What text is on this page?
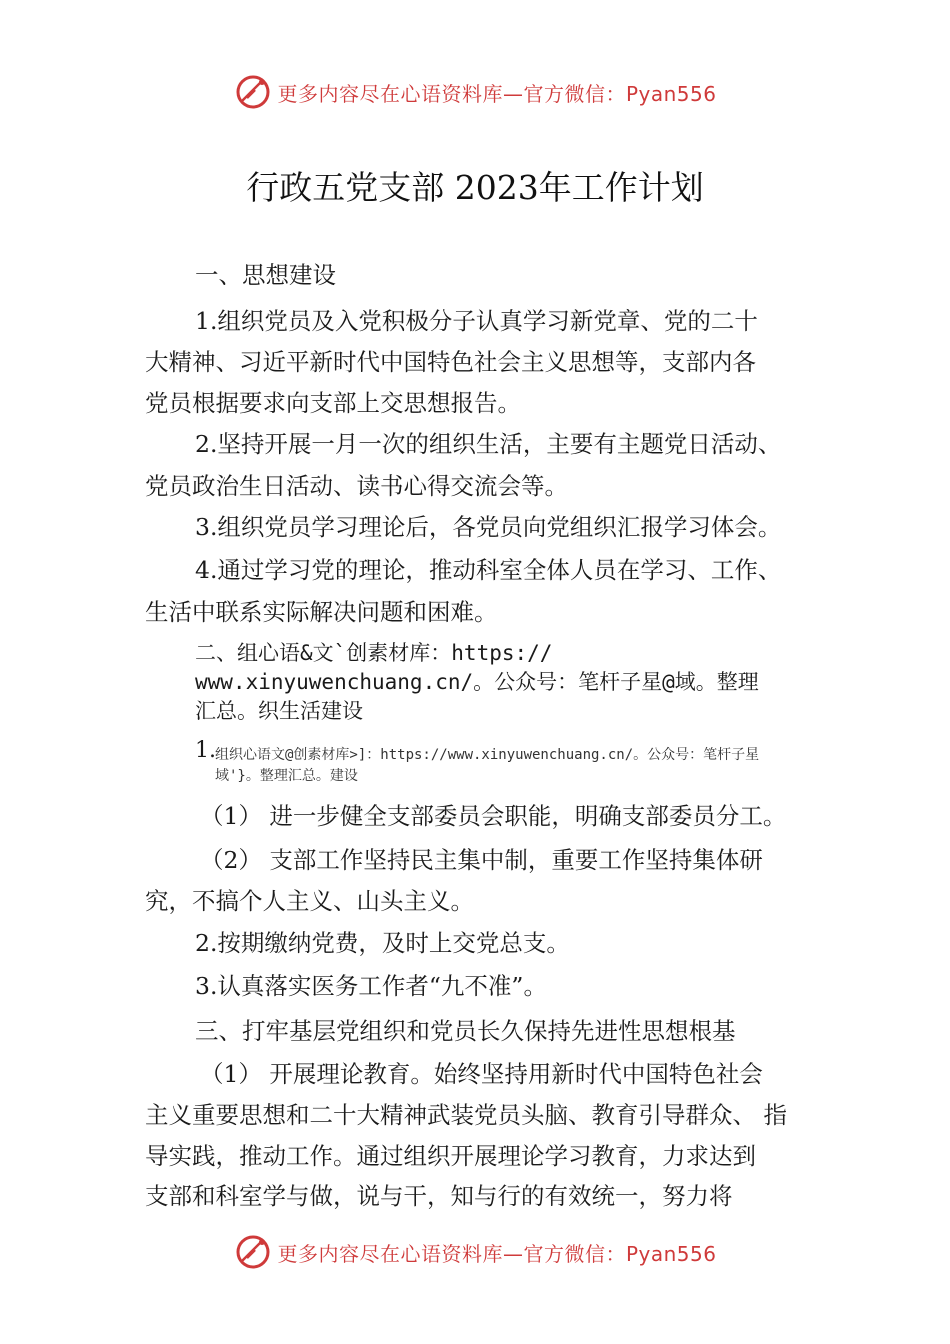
更多内容尽在心语资料库—官方微信：Pyan556
行政五党支部 2023年工作计划
一、思想建设
1.组织党员及入党积极分子认真学习新党章、党的二十
大精神、习近平新时代中国特色社会主义思想等，支部内各
党员根据要求向支部上交思想报告。
2.坚持开展一月一次的组织生活，主要有主题党日活动、
党员政治生日活动、读书心得交流会等。
3.组织党员学习理论后，各党员向党组织汇报学习体会。
4.通过学习党的理论，推动科室全体人员在学习、工作、
生活中联系实际解决问题和困难。
二、组心语&文`创素材库：https://
www.xinyuwenchuang.cn/。公众号：笔杆子星@域。整理
汇总。织生活建设
1. 组织心语文@创素材库>]：https://www.xinyuwenchuang.cn/。公众号：笔杆子星
域'}。整理汇总。建设
（1） 进一步健全支部委员会职能，明确支部委员分工。
（2） 支部工作坚持民主集中制，重要工作坚持集体研
究，不搞个人主义、山头主义。
2.按期缴纳党费，及时上交党总支。
3.认真落实医务工作者“九不准”。
三、打牢基层党组织和党员长久保持先进性思想根基
（1） 开展理论教育。始终坚持用新时代中国特色社会
主义重要思想和二十大精神武装党员头脑、教育引导群众、 指
导实践，推动工作。通过组织开展理论学习教育，力求达到
支部和科室学与做，说与干，知与行的有效统一，努力将
更多内容尽在心语资料库—官方微信：Pyan556
